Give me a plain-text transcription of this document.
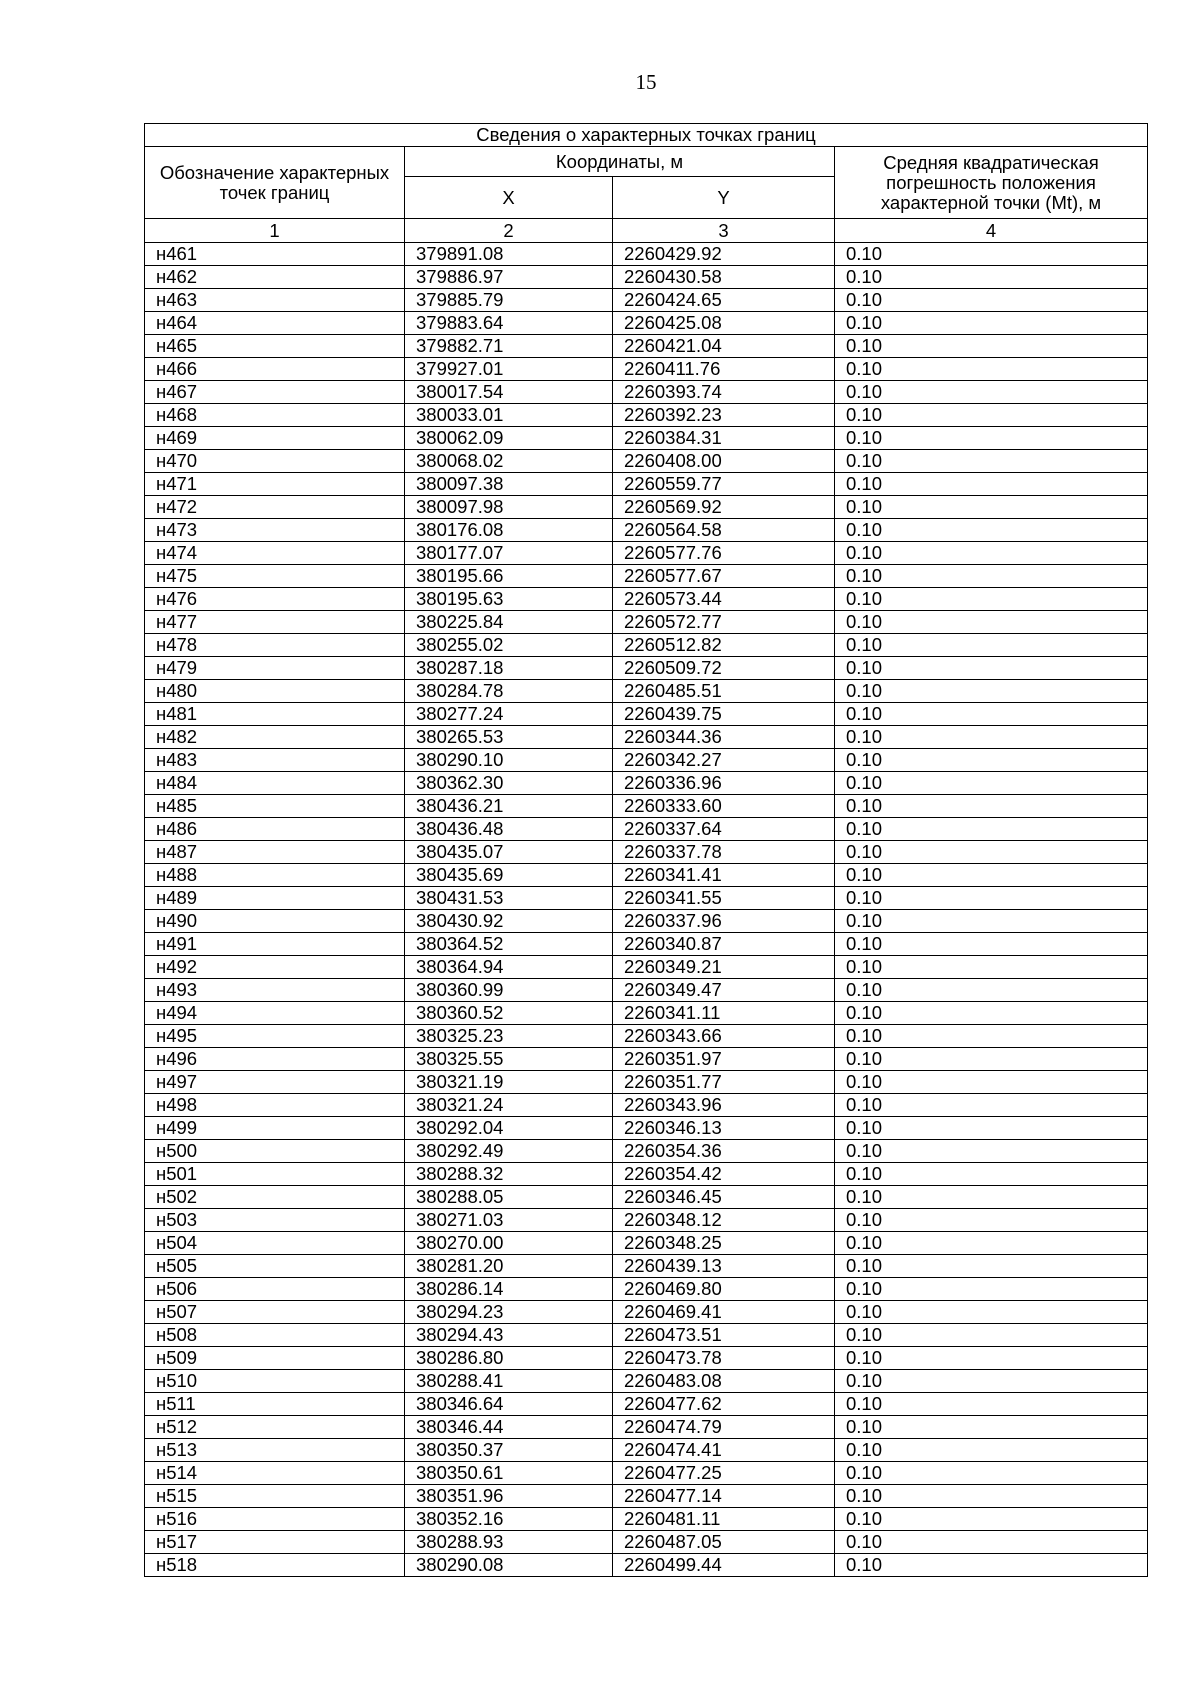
15
Сведения о характерных точках границ			
Обозначение характерных точек границ	Координаты, м		Средняя квадратическая погрешность положения характерной точки (Mt), м
	X	Y	
1	2	3	4
н461	379891.08	2260429.92	0.10
н462	379886.97	2260430.58	0.10
н463	379885.79	2260424.65	0.10
н464	379883.64	2260425.08	0.10
н465	379882.71	2260421.04	0.10
н466	379927.01	2260411.76	0.10
н467	380017.54	2260393.74	0.10
н468	380033.01	2260392.23	0.10
н469	380062.09	2260384.31	0.10
н470	380068.02	2260408.00	0.10
н471	380097.38	2260559.77	0.10
н472	380097.98	2260569.92	0.10
н473	380176.08	2260564.58	0.10
н474	380177.07	2260577.76	0.10
н475	380195.66	2260577.67	0.10
н476	380195.63	2260573.44	0.10
н477	380225.84	2260572.77	0.10
н478	380255.02	2260512.82	0.10
н479	380287.18	2260509.72	0.10
н480	380284.78	2260485.51	0.10
н481	380277.24	2260439.75	0.10
н482	380265.53	2260344.36	0.10
н483	380290.10	2260342.27	0.10
н484	380362.30	2260336.96	0.10
н485	380436.21	2260333.60	0.10
н486	380436.48	2260337.64	0.10
н487	380435.07	2260337.78	0.10
н488	380435.69	2260341.41	0.10
н489	380431.53	2260341.55	0.10
н490	380430.92	2260337.96	0.10
н491	380364.52	2260340.87	0.10
н492	380364.94	2260349.21	0.10
н493	380360.99	2260349.47	0.10
н494	380360.52	2260341.11	0.10
н495	380325.23	2260343.66	0.10
н496	380325.55	2260351.97	0.10
н497	380321.19	2260351.77	0.10
н498	380321.24	2260343.96	0.10
н499	380292.04	2260346.13	0.10
н500	380292.49	2260354.36	0.10
н501	380288.32	2260354.42	0.10
н502	380288.05	2260346.45	0.10
н503	380271.03	2260348.12	0.10
н504	380270.00	2260348.25	0.10
н505	380281.20	2260439.13	0.10
н506	380286.14	2260469.80	0.10
н507	380294.23	2260469.41	0.10
н508	380294.43	2260473.51	0.10
н509	380286.80	2260473.78	0.10
н510	380288.41	2260483.08	0.10
н511	380346.64	2260477.62	0.10
н512	380346.44	2260474.79	0.10
н513	380350.37	2260474.41	0.10
н514	380350.61	2260477.25	0.10
н515	380351.96	2260477.14	0.10
н516	380352.16	2260481.11	0.10
н517	380288.93	2260487.05	0.10
н518	380290.08	2260499.44	0.10
